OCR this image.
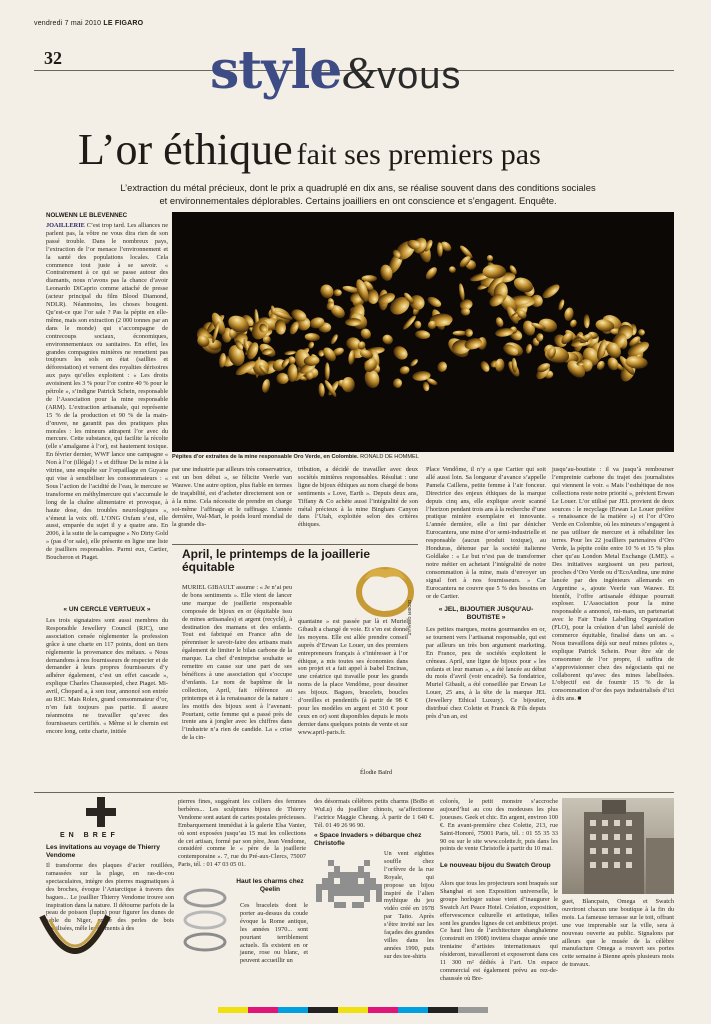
vendredi 7 mai 2010 LE FIGARO
32	style&vous
L’or éthique fait ses premiers pas
L’extraction du métal précieux, dont le prix a quadruplé en dix ans, se réalise souvent dans des conditions sociales et environnementales déplorables. Certains joailliers en ont conscience et s’engagent. Enquête.
NOLWENN LE BLEVENNEC
JOAILLERIE C’est trop tard. Les alliances ne parlent pas, la vôtre ne vous dira rien de son passé trouble. Dans le nombreux pays, l’extraction de l’or menace l’environnement et la santé des populations locales. Cela commence tout juste à se savoir. « Contrairement à ce qui se passe autour des diamants, nous n’avons pas la chance d’avoir Leonardo DiCaprio comme attaché de presse (acteur principal du film Blood Diamond, NDLR). Néanmoins, les choses bougent. Qu’est-ce que l’or sale ? Pas la pépite en elle-même, mais son extraction (2 000 tonnes par an dans le monde) qui s’accompagne de contrecoups sociaux, économiques, environnementaux ou sanitaires. En effet, les grandes compagnies minières ne remettent pas toujours les sols en état (saillies et déforestation) et versent des royalties dérisoires aux pays qu’elles exploitent : « Les droits avoisinent les 3 % pour l’or contre 40 % pour le pétrole », s’indigne Patrick Schein, responsable de l’Association pour la mine responsable (ARM). L’extraction artisanale, qui représente 15 % de la production et 90 % de la main-d’œuvre, ne garantit pas des pratiques plus morales : les mineurs attrapent l’or avec du mercure. Cette substance, qui facilite la récolte (elle s’amalgame à l’or), est hautement toxique. En février dernier, WWF lance une campagne « Non à l’or (illégal) ! » et diffuse De la mine à la vitrine, une enquête sur l’orpaillage en Guyane qui vise à sensibiliser les consommateurs : « Sous l’action de l’acidité de l’eau, le mercure se transforme en méthylmercure qui s’accumule le long de la chaîne alimentaire et provoque, à haute dose, des troubles neurologiques », s’émeut la voix off. L’ONG Oxfam s’est, elle aussi, emparée du sujet il y a quatre ans. En 2006, à la suite de la campagne « No Dirty Gold » (pas d’or sale), elle présente en ligne une liste de joailliers responsables. Parmi eux, Cartier, Boucheron et Piaget.
« UN CERCLE VERTUEUX »
Les trois signataires sont aussi membres du Responsible Jewellery Council (RJC), une association censée réglementer la profession grâce à une charte en 117 points, dont un tiers réglemente la provenance des métaux. « Nous demandons à nos fournisseurs de respecter et de demander à leurs propres fournisseurs d’y adhérer également, c’est un effet cascade », explique Charles Chaussepied, chez Piaget. Mi-avril, Chopard a, à son tour, annoncé son entrée au RJC. Mais Rolex, grand consommateur d’or, n’en fait toujours pas partie. Il assure néanmoins ne travailler qu’avec des fournisseurs certifiés. « Même si le chemin est encore long, cette charte, initiée
Pépites d’or extraites de la mine responsable Oro Verde, en Colombie. RONALD DE HOMMEL
par une industrie par ailleurs très conservatrice, est un bon début », se félicite Veerle van Wauwe. Une autre option, plus fiable en termes de traçabilité, est d’acheter directement son or à la mine. Cela nécessite de prendre en charge soi-même l’affinage et le raffinage. L’année dernière, Wal-Mart, le poids lourd mondial de la grande dis-
tribution, a décidé de travailler avec deux sociétés minières responsables. Résultat : une ligne de bijoux éthiques au nom chargé de bons sentiments « Love, Earth ». Depuis deux ans, Tiffany & Co achète aussi l’intégralité de son métal précieux à la mine Bingham Canyon dans l’Utah, exploitée selon des critères éthiques.
April, le printemps de la joaillerie équitable
DIDIER GIBAULT
MURIEL GIBAULT assume : « Je n’ai peu de bons sentiments ». Elle vient de lancer une marque de joaillerie responsable composée de bijoux en or (équitable issu de mines artisanales) et argent (recyclé), à destination des mamans et des enfants. Tout est fabriqué en France afin de pérenniser le savoir-faire des artisans mais également de limiter le bilan carbone de la marque. La chef d’entreprise souhaite se remettre en cause sur une part de ses bénéfices à une association qui s’occupe d’enfants. Le nom de baptême de la collection, April, fait référence au printemps et à la renaissance de la nature : les motifs des bijoux sont à l’avenant. Pourtant, cette femme qui a passé près de trente ans à jongler avec les chiffres dans l’industrie n’a rien de candide. La « crise de la cin-
quantaine » est passée par là et Muriel Gibault a changé de voie. Et s’en est donné les moyens. Elle est allée prendre conseil auprès d’Erwan Le Louer, un des premiers entrepreneurs français à s’intéresser à l’or éthique, a mis toutes ses économies dans son projet et a fait appel à Isabel Encinas, une créatrice qui travaille pour les grands noms de la place Vendôme, pour dessiner ses bijoux. Bagues, bracelets, boucles d’oreilles et pendentifs (à partir de 98 € pour les modèles en argent et 310 € pour ceux en or) sont disponibles depuis le mois dernier dans quelques points de vente et sur www.april-paris.fr.
Élodie Baïrd
Place Vendôme, il n’y a que Cartier qui soit allé aussi loin. Sa longueur d’avance s’appelle Pamela Caillens, petite femme à l’air fonceur. Directrice des enjeux éthiques de la marque depuis cinq ans, elle explique avoir scanné l’horizon pendant trois ans à la recherche d’une pratique minière exemplaire et innovante. L’année dernière, elle a fini par dénicher Eurocantera, une mine d’or semi-industrielle et responsable (aucun produit toxique), au Honduras, détenue par la société italienne Goldlake : « Le but n’est pas de transformer notre métier en achetant l’intégralité de notre consommation à la mine, mais d’envoyer un signal fort à nos fournisseurs. » Car Eurocantera ne couvre que 5 % des besoins en or de Cartier.
« JEL, BIJOUTIER JUSQU’AU-BOUTISTE »
Les petites marques, moins gourmandes en or, se tournent vers l’artisanat responsable, qui est par ailleurs un très bon argument marketing. En France, peu de sociétés exploitent le créneau. April, une ligne de bijoux pour « les enfants et leur maman », a été lancée au début du mois d’avril (voir encadré). Sa fondatrice, Muriel Gibault, a été conseillée par Erwan Le Louer, 25 ans, à la tête de la marque JEL (Jewellery Ethical Luxury). Ce bijoutier, distribué chez Colette et Franck & Fils depuis près d’un an, est
jusqu’au-boutiste : il va jusqu’à rembourser l’empreinte carbone du trajet des journalistes qui viennent le voir. « Mais l’esthétique de nos collections reste notre priorité », prévient Erwan Le Louer. L’or utilisé par JEL provient de deux sources : le recyclage (Erwan Le Louer préfère « renaissance de la matière ») et l’or d’Oro Verde en Colombie, où les mineurs s’engagent à ne pas utiliser de mercure et à réhabiliter les terres. Pour les 22 joailliers partenaires d’Oro Verde, la pépite coûte entre 10 % et 15 % plus cher qu’au London Metal Exchange (LME). « Des initiatives surgissent un peu partout, proches d’Oro Verde ou d’EcoAndina, une mine lancée par des ingénieurs allemands en Argentine », ajoute Veerle van Wauwe. Et bientôt, l’offre artisanale éthique pourrait exploser. L’Association pour la mine responsable a annoncé, mi-mars, un partenariat avec le Fair Trade Labelling Organization (FLO), pour la création d’un label auréolé de commerce équitable, finalisé dans un an. « Nous travaillons déjà sur neuf mines pilotes », explique Patrick Schein. Pour être sûr de consommer de l’or propre, il suffira de s’approvisionner chez des négociants qui ne collaborent qu’avec des mines labellisées. L’objectif est de fournir 15 % de la consommation d’or des pays industrialisés d’ici à dix ans. ■
EN BREF
Les invitations au voyage de Thierry Vendome
Il transforme des plaques d’acier rouillées, ramassées sur la plage, en ras-de-cou spectaculaires, intègre des pierres magmatiques à des broches, évoque l’Antarctique à travers des bagues... Le joaillier Thierry Vendome trouve son inspiration dans la nature. Il détourne parfois de la peau de poisson (lupin) pour figurer les dunes de sable du Niger, enfile des perles de bois fossilisées, mêle les éléments à des
pierres fines, suggérant les colliers des femmes berbères... Les sculptures bijoux de Thierry Vendome sont autant de cartes postales précieuses. Embarquement immédiat à la galerie Elsa Vanier, où sont exposées jusqu’au 15 mai les collections de cet artisan, formé par son père, Jean Vendome, considéré comme le « père de la joaillerie contemporaine ». 7, rue du Pré-aux-Clercs, 75007 Paris, tél. : 01 47 03 05 01.
Haut les charms chez Qeelin
Ces bracelets dont le porter au-dessus du coude évoque la Rome antique, les années 1970... sont pourtant terriblement actuels. Ils existent en or jaune, rose ou blanc, et peuvent accueillir un
des désormais célèbres petits charms (BoBo et WuLu) du joaillier chinois, sa’affectionne l’actrice Maggie Cheung. À partir de 1 640 €. Tél. 01 49 26 96 90.
« Space Invaders » débarque chez Christofle
Un vent eighties souffle chez l’orfèvre de la rue Royale, qui propose un bijou inspiré de l’alien mythique du jeu vidéo créé en 1978 par Taito. Après s’être invité sur les façades des grandes villes dans les années 1990, puis sur des tee-shirts
colorés, le petit monstre s’accroche aujourd’hui au cou des modeuses les plus joueuses. Geek et chic. En argent, environ 100 €. En avant-première chez Colette, 213, rue Saint-Honoré, 75001 Paris, tél. : 01 55 35 33 90 ou sur le site www.colette.fr, puis dans les points de vente Christofle à partir du 10 mai.
Le nouveau bijou du Swatch Group
Alors que tous les projecteurs sont braqués sur Shanghai et son Exposition universelle, le groupe horloger suisse vient d’inaugurer le Swatch Art Peace Hotel. Création, exposition, effervescence culturelle et artistique, telles sont les grandes lignes de cet ambitieux projet. Ce haut lieu de l’architecture shanghaïenne (construit en 1908) invitera chaque année une trentaine d’artistes internationaux qui résideront, travailleront et exposeront dans ces 11 300 m² dédiés à l’art. Un espace commercial est également prévu au rez-de-chaussée où Bre-
guet, Blancpain, Omega et Swatch ouvriront chacun une boutique à la fin du mois. La fameuse terrasse sur le toit, offrant une vue imprenable sur la ville, sera à nouveau ouverte au public. Signalons par ailleurs que le musée de la célèbre manufacture Omega a rouvert ses portes cette semaine à Bienne après plusieurs mois de travaux.
